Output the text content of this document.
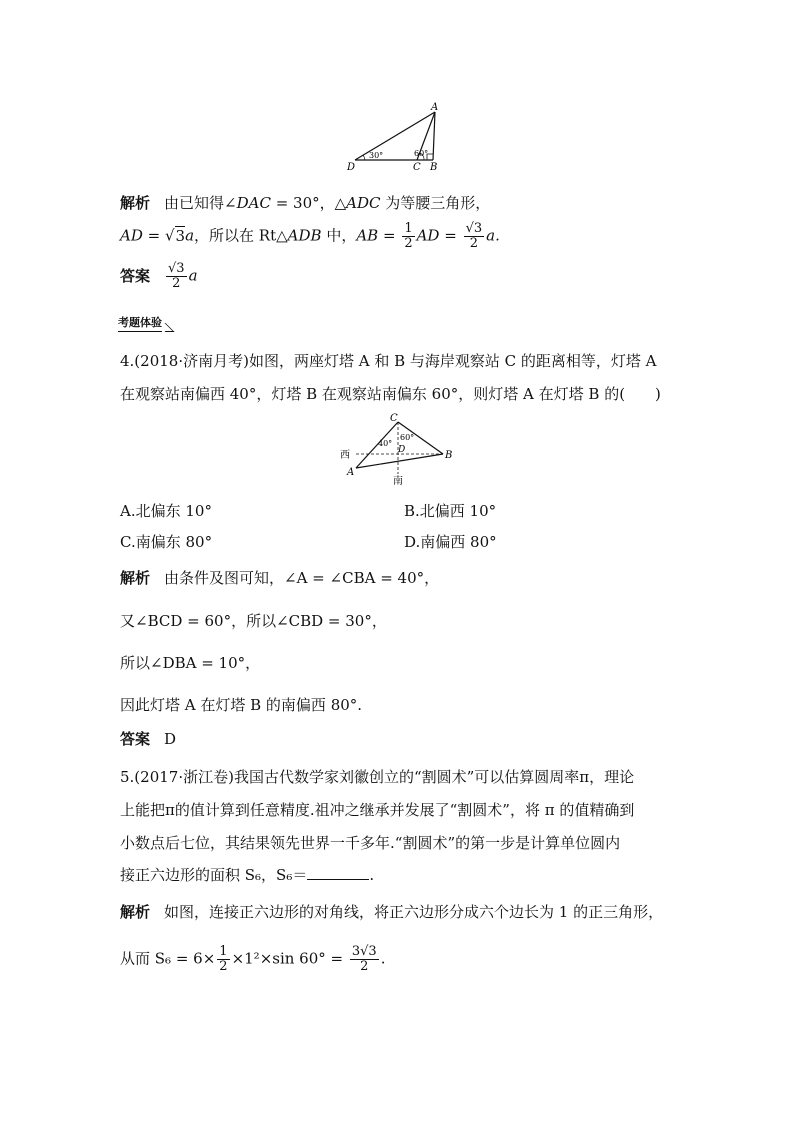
A
D	C B
30°	60°
解析 由已知得∠DAC = 30°，△ADC 为等腰三角形，
AD = √3a，所以在 Rt△ADB 中，AB = $\frac{1}{2}$ AD = $\frac{√3}{2} a$.
答案 $\frac{√3}{2}$ a
考题体验
4.(2018·济南月考)如图，两座灯塔 A 和 B 与海岸观察站 C 的距离相等，灯塔 A
在观察站南偏西 40°，灯塔 B 在观察站南偏东 60°，则灯塔 A 在灯塔 B 的(　　)
C
西
A
B
D
南
40°
60°
A.北偏东 10°	B.北偏西 10°
C.南偏东 80°	D.南偏西 80°
解析 由条件及图可知，∠A = ∠CBA = 40°，
又∠BCD = 60°，所以∠CBD = 30°，
所以∠DBA = 10°，
因此灯塔 A 在灯塔 B 的南偏西 80°.
答案 D
5.(2017·浙江卷)我国古代数学家刘徽创立的“割圆术”可以估算圆周率π，理论
上能把π的值计算到任意精度.祖冲之继承并发展了“割圆术”，将 π 的值精确到
小数点后七位，其结果领先世界一千多年.“割圆术”的第一步是计算单位圆内
接正六边形的面积 S₆，S₆＝	.
解析 如图，连接正六边形的对角线，将正六边形分成六个边长为 1 的正三角形，
从而 $S_6 = 6\times \frac{1}{2} \times 1^2\times\sin$ $60^\circ = \frac{3√3}{2}$ .
